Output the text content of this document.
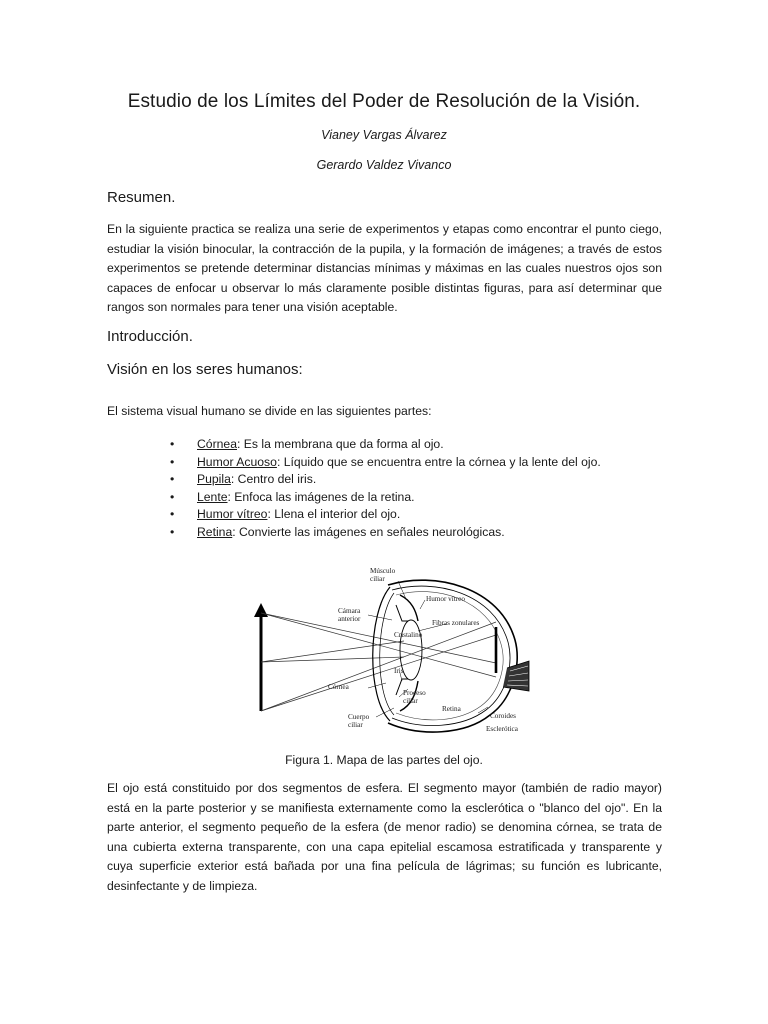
Estudio de los Límites del Poder de Resolución de la Visión.
Vianey Vargas Álvarez
Gerardo Valdez Vivanco
Resumen.

En la siguiente practica se realiza una serie de experimentos y etapas como encontrar el punto ciego, estudiar la visión binocular, la contracción de la pupila, y la formación de imágenes; a través de estos experimentos se pretende determinar distancias mínimas y máximas en las cuales nuestros ojos son capaces de enfocar u observar lo más claramente posible distintas figuras, para así determinar que rangos son normales para tener una visión aceptable.

Introducción.
Visión en los seres humanos:

El sistema visual humano se divide en las siguientes partes:

• Córnea: Es la membrana que da forma al ojo.
• Humor Acuoso: Líquido que se encuentra entre la córnea y la lente del ojo.
• Pupila: Centro del iris.
• Lente: Enfoca las imágenes de la retina.
• Humor vítreo: Llena el interior del ojo.
• Retina: Convierte las imágenes en señales neurológicas.
Músculo
ciliar
Humor vítreo
Cámara
anterior	Fibras zonulares
Cristalino
Iris
Córnea
Proceso
ciliar
Cuerpo
ciliar
Retina
Coroides
Esclerótica
Figura 1. Mapa de las partes del ojo.

El ojo está constituido por dos segmentos de esfera. El segmento mayor (también de radio mayor) está en la parte posterior y se manifiesta externamente como la esclerótica o "blanco del ojo". En la parte anterior, el segmento pequeño de la esfera (de menor radio) se denomina córnea, se trata de una cubierta externa transparente, con una capa epitelial escamosa estratificada y transparente y cuya superficie exterior está bañada por una fina película de lágrimas; su función es lubricante, desinfectante y de limpieza.
